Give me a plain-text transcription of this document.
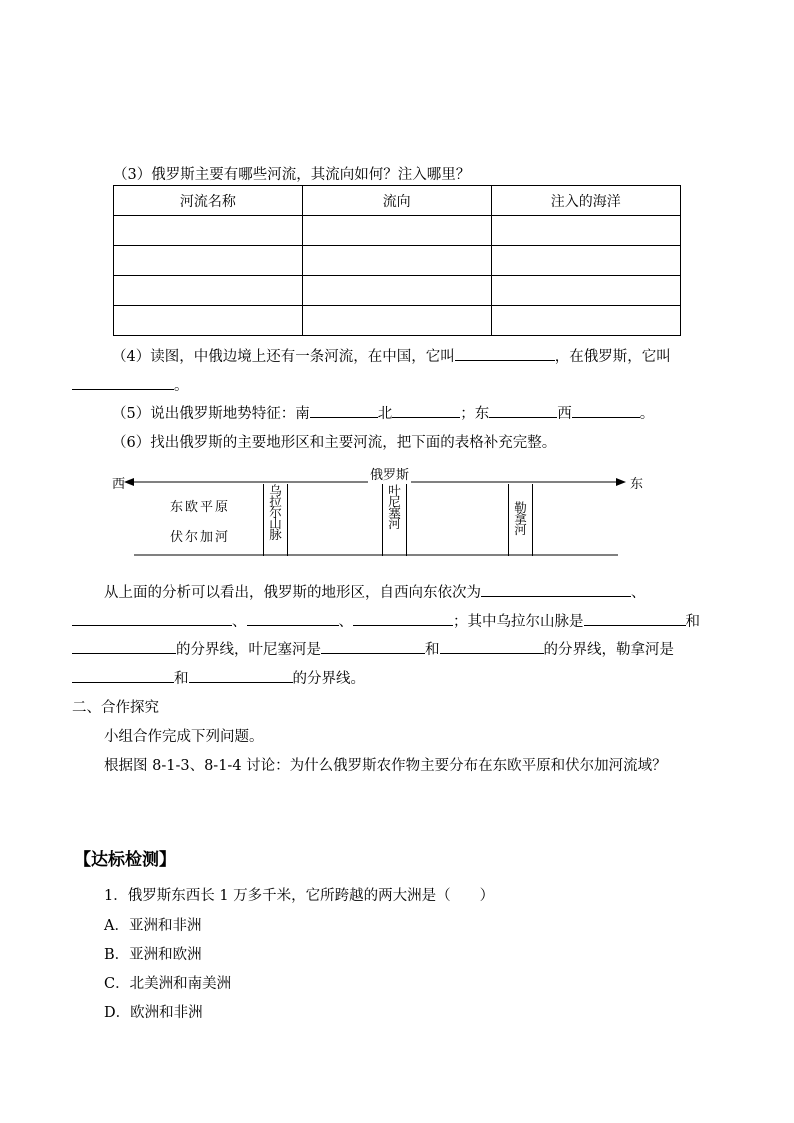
（3）俄罗斯主要有哪些河流，其流向如何？注入哪里？
河流名称	流向	注入的海洋

（4）读图，中俄边境上还有一条河流，在中国，它叫	，在俄罗斯，它叫
。
（5）说出俄罗斯地势特征：南	北	；东	西	。
（6）找出俄罗斯的主要地形区和主要河流，把下面的表格补充完整。
西	东
俄罗斯
东欧平原
伏尔加河
乌拉尔山脉
叶尼塞河
勒拿河
从上面的分析可以看出，俄罗斯的地形区，自西向东依次为	、
、	、	；其中乌拉尔山脉是	和
的分界线，叶尼塞河是	和	的分界线，勒拿河是
和	的分界线。
二、合作探究
小组合作完成下列问题。
根据图 8-1-3、8-1-4 讨论：为什么俄罗斯农作物主要分布在东欧平原和伏尔加河流域？
【达标检测】
1．俄罗斯东西长 1 万多千米，它所跨越的两大洲是（　　）
A．亚洲和非洲
B．亚洲和欧洲
C．北美洲和南美洲
D．欧洲和非洲
